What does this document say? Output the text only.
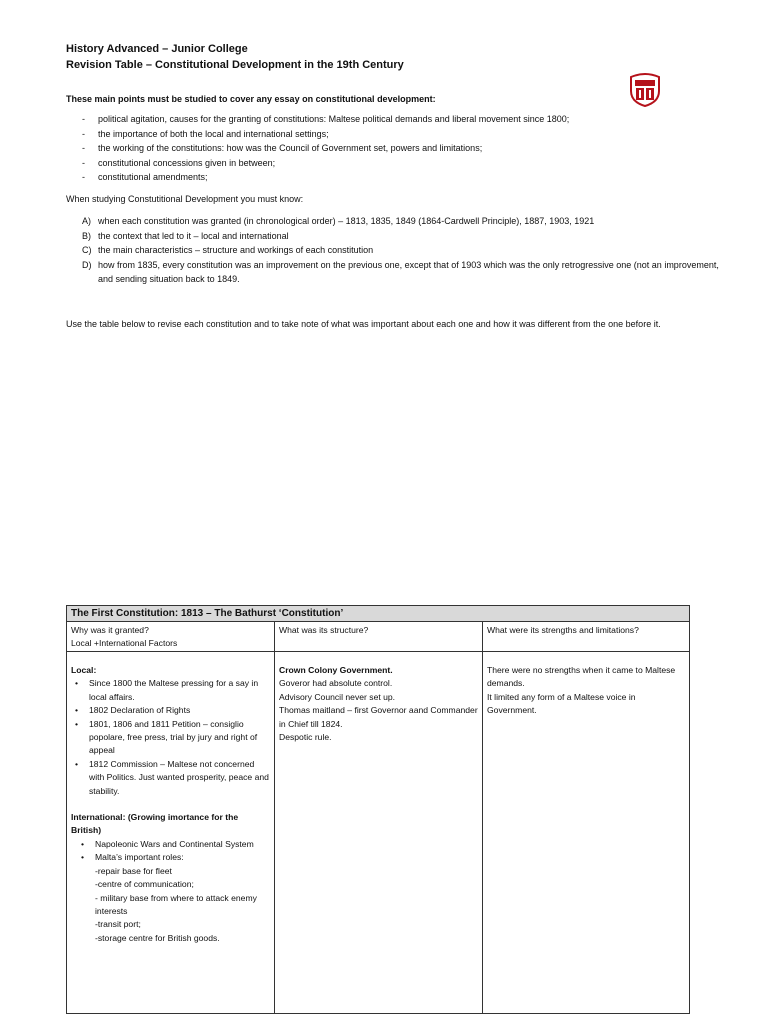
History Advanced – Junior College
Revision Table – Constitutional Development in the 19th Century
These main points must be studied to cover any essay on constitutional development:
- political agitation, causes for the granting of constitutions: Maltese political demands and liberal movement since 1800;
- the importance of both the local and international settings;
- the working of the constitutions: how was the Council of Government set, powers and limitations;
- constitutional concessions given in between;
- constitutional amendments;
When studying Constutitional Development you must know:
A) when each constitution was granted (in chronological order) – 1813, 1835, 1849 (1864-Cardwell Principle), 1887, 1903, 1921
B) the context that led to it – local and international
C) the main characteristics – structure and workings of each constitution
D) how from 1835, every constitution was an improvement on the previous one, except that of 1903 which was the only retrogressive one (not an improvement, and sending situation back to 1849.
Use the table below to revise each constitution and to take note of what was important about each one and how it was different from the one before it.
The First Constitution: 1813 – The Bathurst ‘Constitution’
Why was it granted?
Local +International Factors
Local:
• Since 1800 the Maltese pressing for a say in local affairs.
• 1802 Declaration of Rights
• 1801, 1806 and 1811 Petition – consiglio popolare, free press, trial by jury and right of appeal
• 1812 Commission – Maltese not concerned with Politics. Just wanted prosperity, peace and stability.
International: (Growing imortance for the British)
• Napoleonic Wars and Continental System
• Malta’s important roles:
-repair base for fleet
-centre of communication;
- military base from where to attack enemy interests
-transit port;
-storage centre for British goods.
What was its structure?
Crown Colony Government.
Goveror had absolute control.
Advisory Council never set up.
Thomas maitland – first Governor aand Commander in Chief till 1824.
Despotic rule.
What were its strengths and limitations?
There were no strengths when it came to Maltese demands.
It limited any form of a Maltese voice in Government.
